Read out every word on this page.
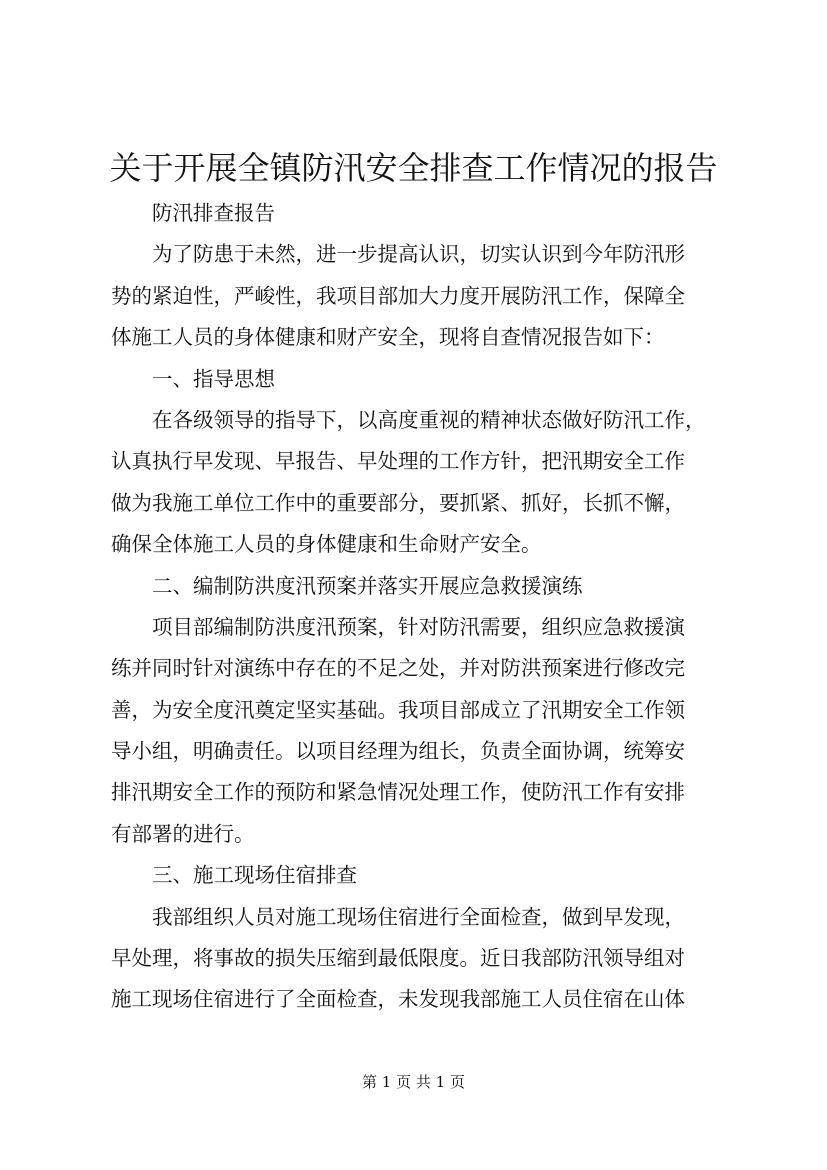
关于开展全镇防汛安全排查工作情况的报告
防汛排查报告
为了防患于未然，进一步提高认识，切实认识到今年防汛形
势的紧迫性，严峻性，我项目部加大力度开展防汛工作，保障全
体施工人员的身体健康和财产安全，现将自查情况报告如下：
一、指导思想
在各级领导的指导下，以高度重视的精神状态做好防汛工作，
认真执行早发现、早报告、早处理的工作方针，把汛期安全工作
做为我施工单位工作中的重要部分，要抓紧、抓好，长抓不懈，
确保全体施工人员的身体健康和生命财产安全。
二、编制防洪度汛预案并落实开展应急救援演练
项目部编制防洪度汛预案，针对防汛需要，组织应急救援演
练并同时针对演练中存在的不足之处，并对防洪预案进行修改完
善，为安全度汛奠定坚实基础。我项目部成立了汛期安全工作领
导小组，明确责任。以项目经理为组长，负责全面协调，统筹安
排汛期安全工作的预防和紧急情况处理工作，使防汛工作有安排
有部署的进行。
三、施工现场住宿排查
我部组织人员对施工现场住宿进行全面检查，做到早发现，
早处理，将事故的损失压缩到最低限度。近日我部防汛领导组对
施工现场住宿进行了全面检查，未发现我部施工人员住宿在山体
第 1 页 共 1 页
